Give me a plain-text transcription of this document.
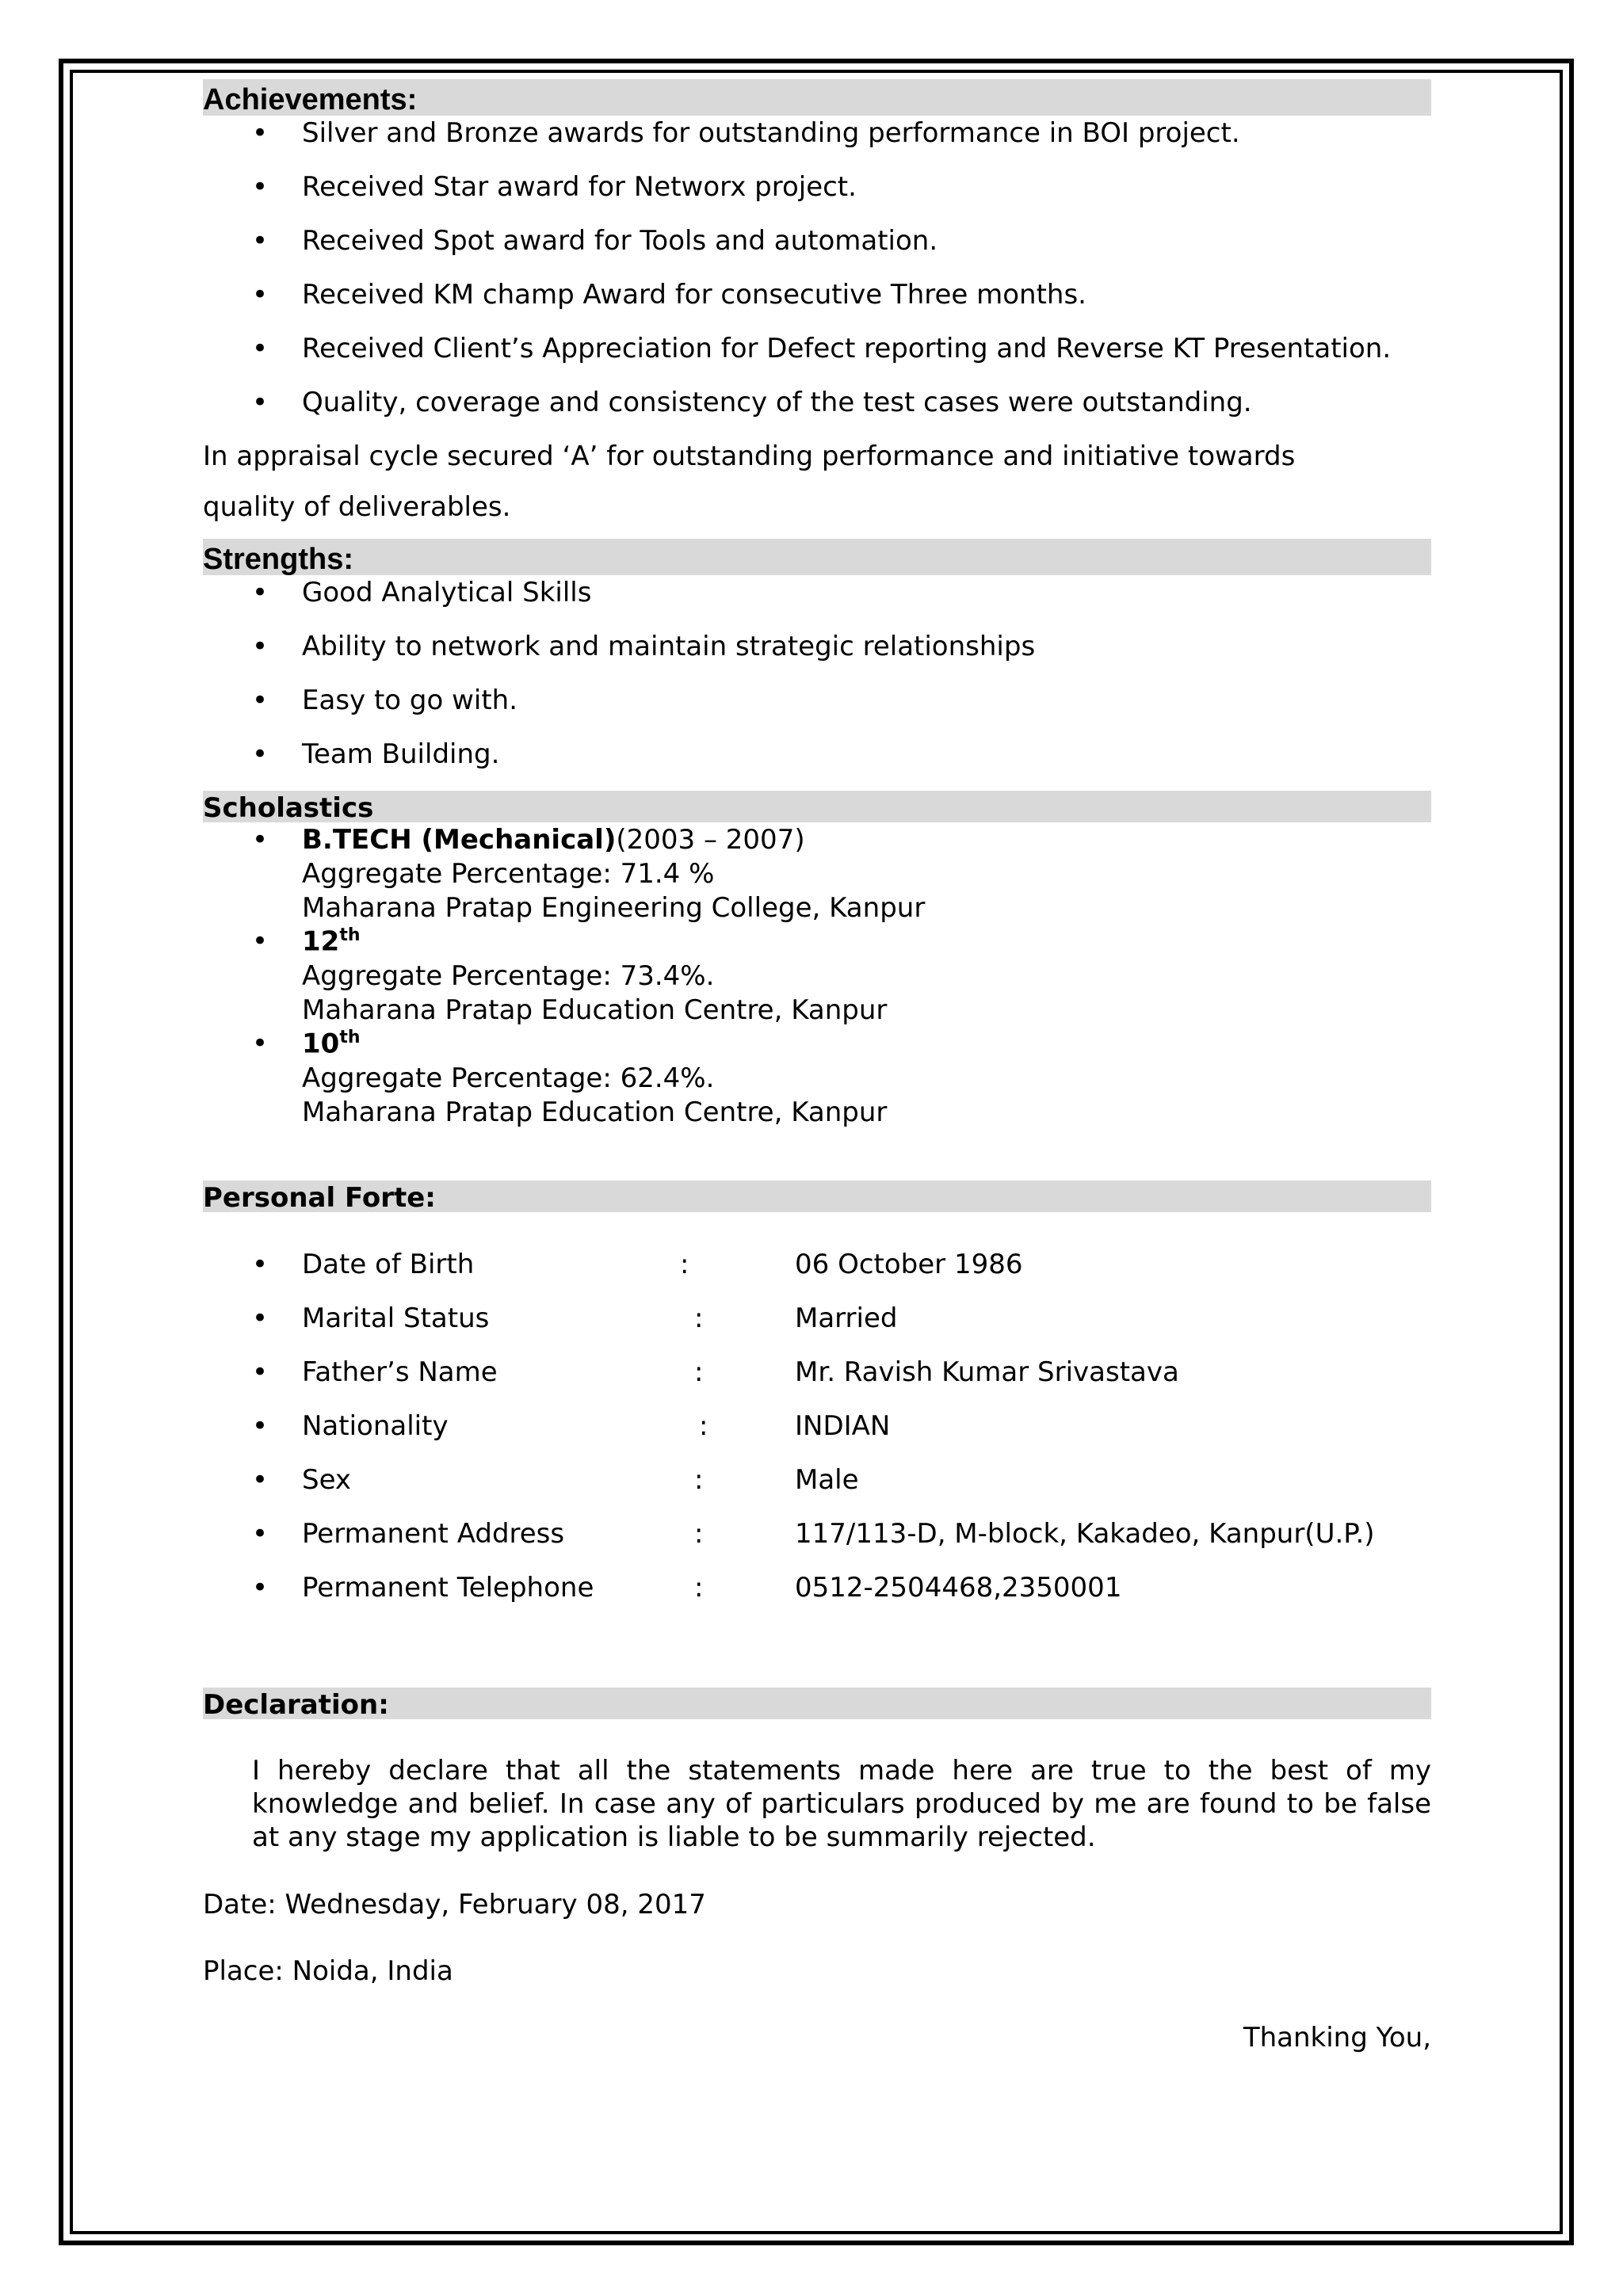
Achievements:
• Silver and Bronze awards for outstanding performance in BOI project.
• Received Star award for Networx project.
• Received Spot award for Tools and automation.
• Received KM champ Award for consecutive Three months.
• Received Client’s Appreciation for Defect reporting and Reverse KT Presentation.
• Quality, coverage and consistency of the test cases were outstanding.
In appraisal cycle secured ‘A’ for outstanding performance and initiative towards
quality of deliverables.
Strengths:
• Good Analytical Skills
• Ability to network and maintain strategic relationships
• Easy to go with.
• Team Building.
Scholastics
• B.TECH (Mechanical)(2003 – 2007)
Aggregate Percentage: 71.4 %
Maharana Pratap Engineering College, Kanpur
• 12th
Aggregate Percentage: 73.4%.
Maharana Pratap Education Centre, Kanpur
• 10th
Aggregate Percentage: 62.4%.
Maharana Pratap Education Centre, Kanpur
Personal Forte:
• Date of Birth	:	06 October 1986
• Marital Status	:	Married
• Father’s Name	:	Mr. Ravish Kumar Srivastava
• Nationality	:	INDIAN
• Sex	:	Male
• Permanent Address	:	117/113-D, M-block, Kakadeo, Kanpur(U.P.)
• Permanent Telephone	:	0512-2504468,2350001
Declaration:
I hereby declare that all the statements made here are true to the best of my knowledge and belief. In case any of particulars produced by me are found to be false at any stage my application is liable to be summarily rejected.
Date: Wednesday, February 08, 2017
Place: Noida, India
Thanking You,
